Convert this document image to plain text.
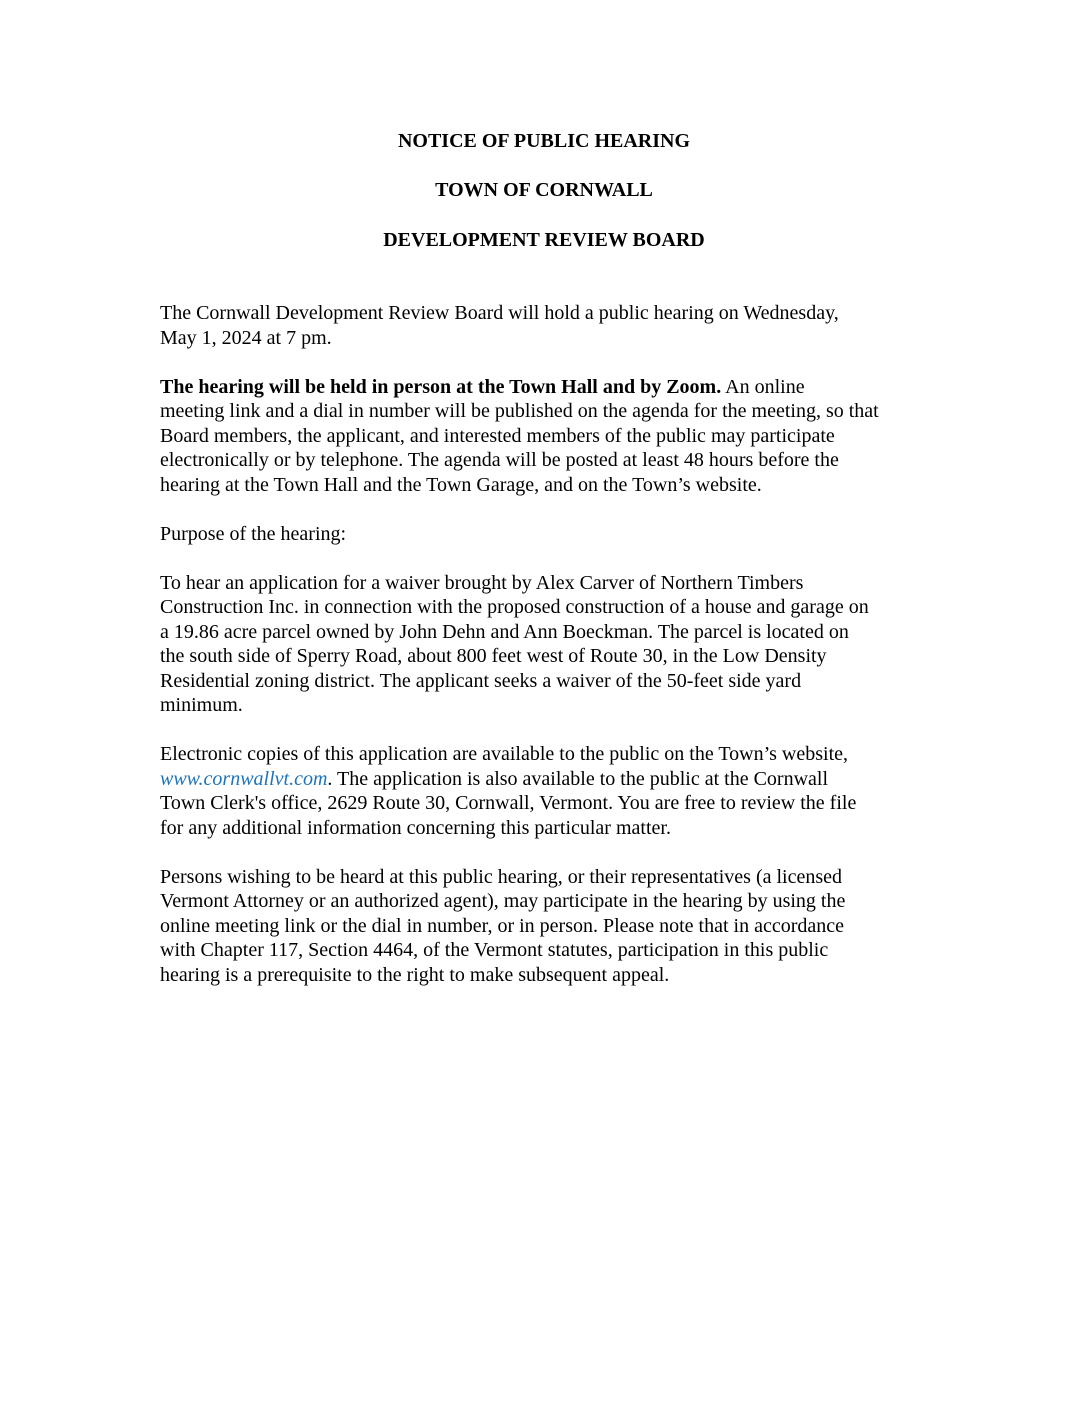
NOTICE OF PUBLIC HEARING
TOWN OF CORNWALL
DEVELOPMENT REVIEW BOARD

The Cornwall Development Review Board will hold a public hearing on Wednesday,
May 1, 2024 at 7 pm.

The hearing will be held in person at the Town Hall and by Zoom. An online
meeting link and a dial in number will be published on the agenda for the meeting, so that
Board members, the applicant, and interested members of the public may participate
electronically or by telephone. The agenda will be posted at least 48 hours before the
hearing at the Town Hall and the Town Garage, and on the Town’s website.

Purpose of the hearing:

To hear an application for a waiver brought by Alex Carver of Northern Timbers
Construction Inc. in connection with the proposed construction of a house and garage on
a 19.86 acre parcel owned by John Dehn and Ann Boeckman. The parcel is located on
the south side of Sperry Road, about 800 feet west of Route 30, in the Low Density
Residential zoning district. The applicant seeks a waiver of the 50-feet side yard
minimum.

Electronic copies of this application are available to the public on the Town’s website,
www.cornwallvt.com. The application is also available to the public at the Cornwall
Town Clerk's office, 2629 Route 30, Cornwall, Vermont. You are free to review the file
for any additional information concerning this particular matter.

Persons wishing to be heard at this public hearing, or their representatives (a licensed
Vermont Attorney or an authorized agent), may participate in the hearing by using the
online meeting link or the dial in number, or in person. Please note that in accordance
with Chapter 117, Section 4464, of the Vermont statutes, participation in this public
hearing is a prerequisite to the right to make subsequent appeal.
